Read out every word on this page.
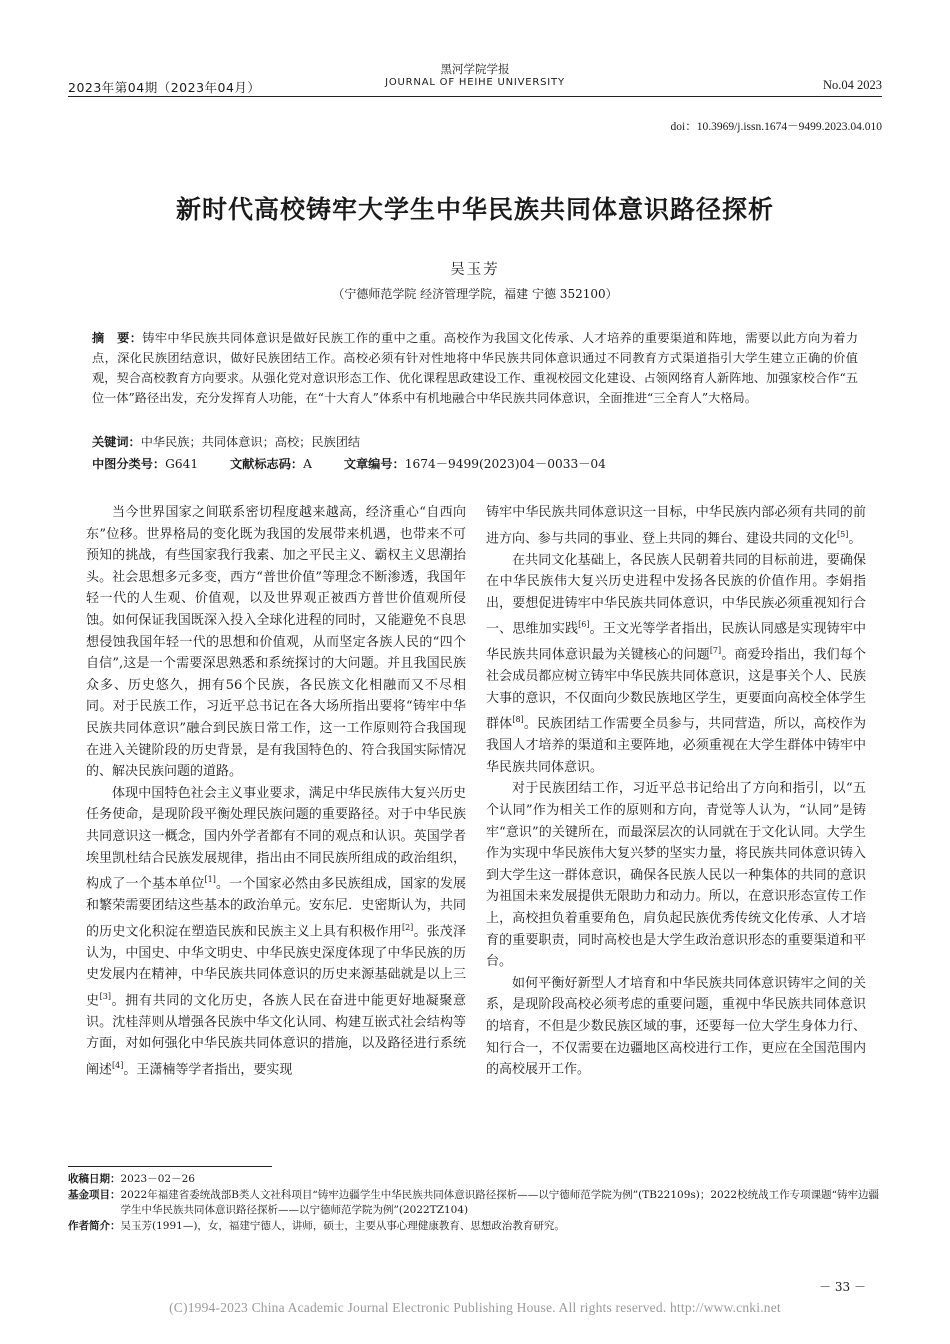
2023年第04期（2023年04月）
黑河学院学报
JOURNAL OF HEIHE UNIVERSITY	No.04 2023
doi：10.3969/j.issn.1674－9499.2023.04.010
新时代高校铸牢大学生中华民族共同体意识路径探析
吴玉芳
（宁德师范学院 经济管理学院，福建 宁德 352100）
摘　要：铸牢中华民族共同体意识是做好民族工作的重中之重。高校作为我国文化传承、人才培养的重要渠道和阵地，需要以此方向为着力点，深化民族团结意识，做好民族团结工作。高校必须有针对性地将中华民族共同体意识通过不同教育方式渠道指引大学生建立正确的价值观，契合高校教育方向要求。从强化党对意识形态工作、优化课程思政建设工作、重视校园文化建设、占领网络育人新阵地、加强家校合作“五位一体”路径出发，充分发挥育人功能，在“十大育人”体系中有机地融合中华民族共同体意识，全面推进“三全育人”大格局。
关键词：中华民族；共同体意识；高校；民族团结
中图分类号：G641	文献标志码：A	文章编号：1674－9499(2023)04－0033－04

当今世界国家之间联系密切程度越来越高，经济重心“自西向东”位移。世界格局的变化既为我国的发展带来机遇，也带来不可预知的挑战，有些国家我行我素、加之平民主义、霸权主义思潮抬头。社会思想多元多变，西方“普世价值”等理念不断渗透，我国年轻一代的人生观、价值观，以及世界观正被西方普世价值观所侵蚀。如何保证我国既深入投入全球化进程的同时，又能避免不良思想侵蚀我国年轻一代的思想和价值观，从而坚定各族人民的“四个自信”,这是一个需要深思熟悉和系统探讨的大问题。并且我国民族众多、历史悠久，拥有56个民族，各民族文化相融而又不尽相同。对于民族工作，习近平总书记在各大场所指出要将“铸牢中华民族共同体意识”融合到民族日常工作，这一工作原则符合我国现在进入关键阶段的历史背景，是有我国特色的、符合我国实际情况的、解决民族问题的道路。

体现中国特色社会主义事业要求，满足中华民族伟大复兴历史任务使命，是现阶段平衡处理民族问题的重要路径。对于中华民族共同意识这一概念，国内外学者都有不同的观点和认识。英国学者埃里凯杜结合民族发展规律，指出由不同民族所组成的政治组织，构成了一个基本单位[1]。一个国家必然由多民族组成，国家的发展和繁荣需要团结这些基本的政治单元。安东尼．史密斯认为，共同的历史文化积淀在塑造民族和民族主义上具有积极作用[2]。张茂泽认为，中国史、中华文明史、中华民族史深度体现了中华民族的历史发展内在精神，中华民族共同体意识的历史来源基础就是以上三史[3]。拥有共同的文化历史，各族人民在奋进中能更好地凝聚意识。沈桂萍则从增强各民族中华文化认同、构建互嵌式社会结构等方面，对如何强化中华民族共同体意识的措施，以及路径进行系统阐述[4]。王潇楠等学者指出，要实现

铸牢中华民族共同体意识这一目标，中华民族内部必须有共同的前进方向、参与共同的事业、登上共同的舞台、建设共同的文化[5]。

在共同文化基础上，各民族人民朝着共同的目标前进，要确保在中华民族伟大复兴历史进程中发扬各民族的价值作用。李娟指出，要想促进铸牢中华民族共同体意识，中华民族必须重视知行合一、思维加实践[6]。王文光等学者指出，民族认同感是实现铸牢中华民族共同体意识最为关键核心的问题[7]。商爱玲指出，我们每个社会成员都应树立铸牢中华民族共同体意识，这是事关个人、民族大事的意识，不仅面向少数民族地区学生，更要面向高校全体学生群体[8]。民族团结工作需要全员参与，共同营造，所以，高校作为我国人才培养的渠道和主要阵地，必须重视在大学生群体中铸牢中华民族共同体意识。

对于民族团结工作，习近平总书记给出了方向和指引，以“五个认同”作为相关工作的原则和方向，青觉等人认为，“认同”是铸牢“意识”的关键所在，而最深层次的认同就在于文化认同。大学生作为实现中华民族伟大复兴梦的坚实力量，将民族共同体意识铸入到大学生这一群体意识，确保各民族人民以一种集体的共同的意识为祖国未来发展提供无限助力和动力。所以，在意识形态宣传工作上，高校担负着重要角色，肩负起民族优秀传统文化传承、人才培育的重要职责，同时高校也是大学生政治意识形态的重要渠道和平台。

如何平衡好新型人才培育和中华民族共同体意识铸牢之间的关系，是现阶段高校必须考虑的重要问题，重视中华民族共同体意识的培育，不但是少数民族区域的事，还要每一位大学生身体力行、知行合一，不仅需要在边疆地区高校进行工作，更应在全国范围内的高校展开工作。

收稿日期： 2023－02－26
基金项目： 2022年福建省委统战部B类人文社科项目“铸牢边疆学生中华民族共同体意识路径探析——以宁德师范学院为例”(TB22109s)；2022校统战工作专项课题“铸牢边疆学生中华民族共同体意识路径探析——以宁德师范学院为例”(2022TZ104)
作者简介： 吴玉芳(1991—)，女，福建宁德人，讲师，硕士，主要从事心理健康教育、思想政治教育研究。
－ 33 －
(C)1994-2023 China Academic Journal Electronic Publishing House. All rights reserved. http://www.cnki.net
